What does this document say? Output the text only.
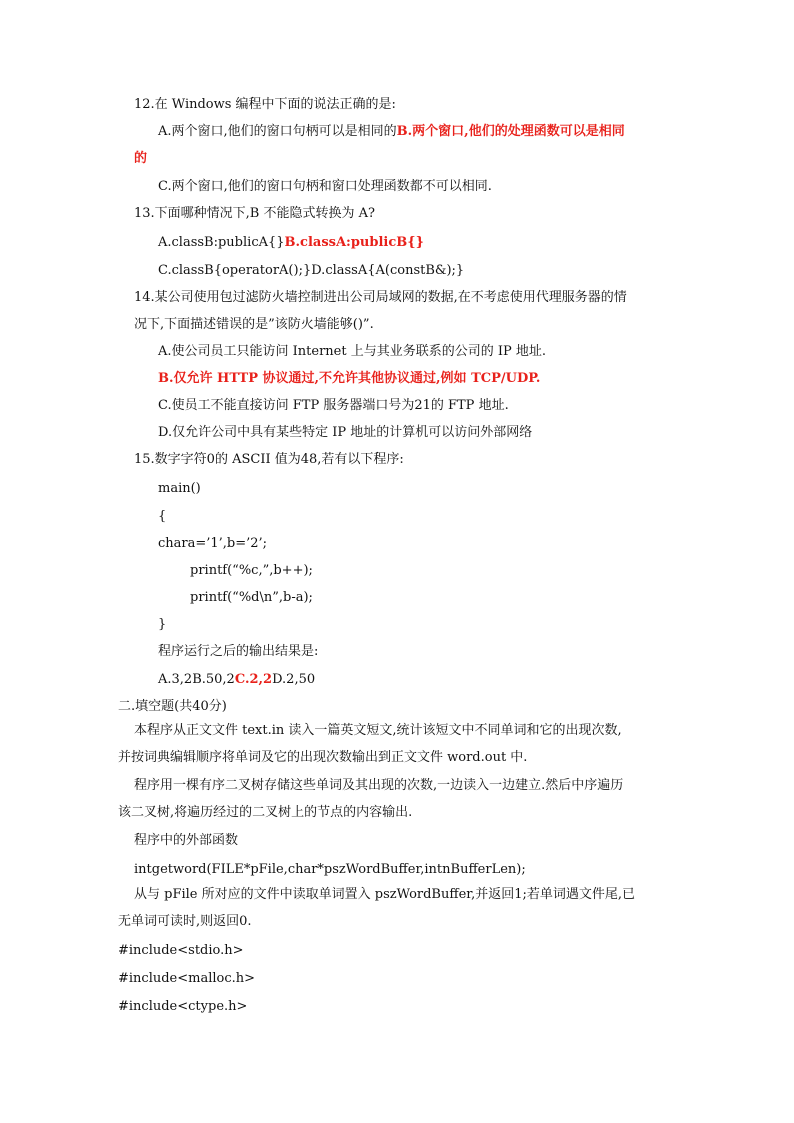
12.在 Windows 编程中下面的说法正确的是:
A.两个窗口,他们的窗口句柄可以是相同的B.两个窗口,他们的处理函数可以是相同
的
C.两个窗口,他们的窗口句柄和窗口处理函数都不可以相同.
13.下面哪种情况下,B 不能隐式转换为 A?
A.classB:publicA{}B.classA:publicB{}
C.classB{operatorA();}D.classA{A(constB&);}
14.某公司使用包过滤防火墙控制进出公司局域网的数据,在不考虑使用代理服务器的情
况下,下面描述错误的是”该防火墙能够()”.
A.使公司员工只能访问 Internet 上与其业务联系的公司的 IP 地址.
B.仅允许 HTTP 协议通过,不允许其他协议通过,例如 TCP/UDP.
C.使员工不能直接访问 FTP 服务器端口号为21的 FTP 地址.
D.仅允许公司中具有某些特定 IP 地址的计算机可以访问外部网络
15.数字字符0的 ASCII 值为48,若有以下程序:
main()
{
chara=’1’,b=’2’;
printf(“%c,”,b++);
printf(“%d\n”,b-a);
}
程序运行之后的输出结果是:
A.3,2B.50,2C.2,2D.2,50
二.填空题(共40分)
本程序从正文文件 text.in 读入一篇英文短文,统计该短文中不同单词和它的出现次数,
并按词典编辑顺序将单词及它的出现次数输出到正文文件 word.out 中.
程序用一棵有序二叉树存储这些单词及其出现的次数,一边读入一边建立.然后中序遍历
该二叉树,将遍历经过的二叉树上的节点的内容输出.
程序中的外部函数
intgetword(FILE*pFile,char*pszWordBuffer,intnBufferLen);
从与 pFile 所对应的文件中读取单词置入 pszWordBuffer,并返回1;若单词遇文件尾,已
无单词可读时,则返回0.
#include<stdio.h>
#include<malloc.h>
#include<ctype.h>
